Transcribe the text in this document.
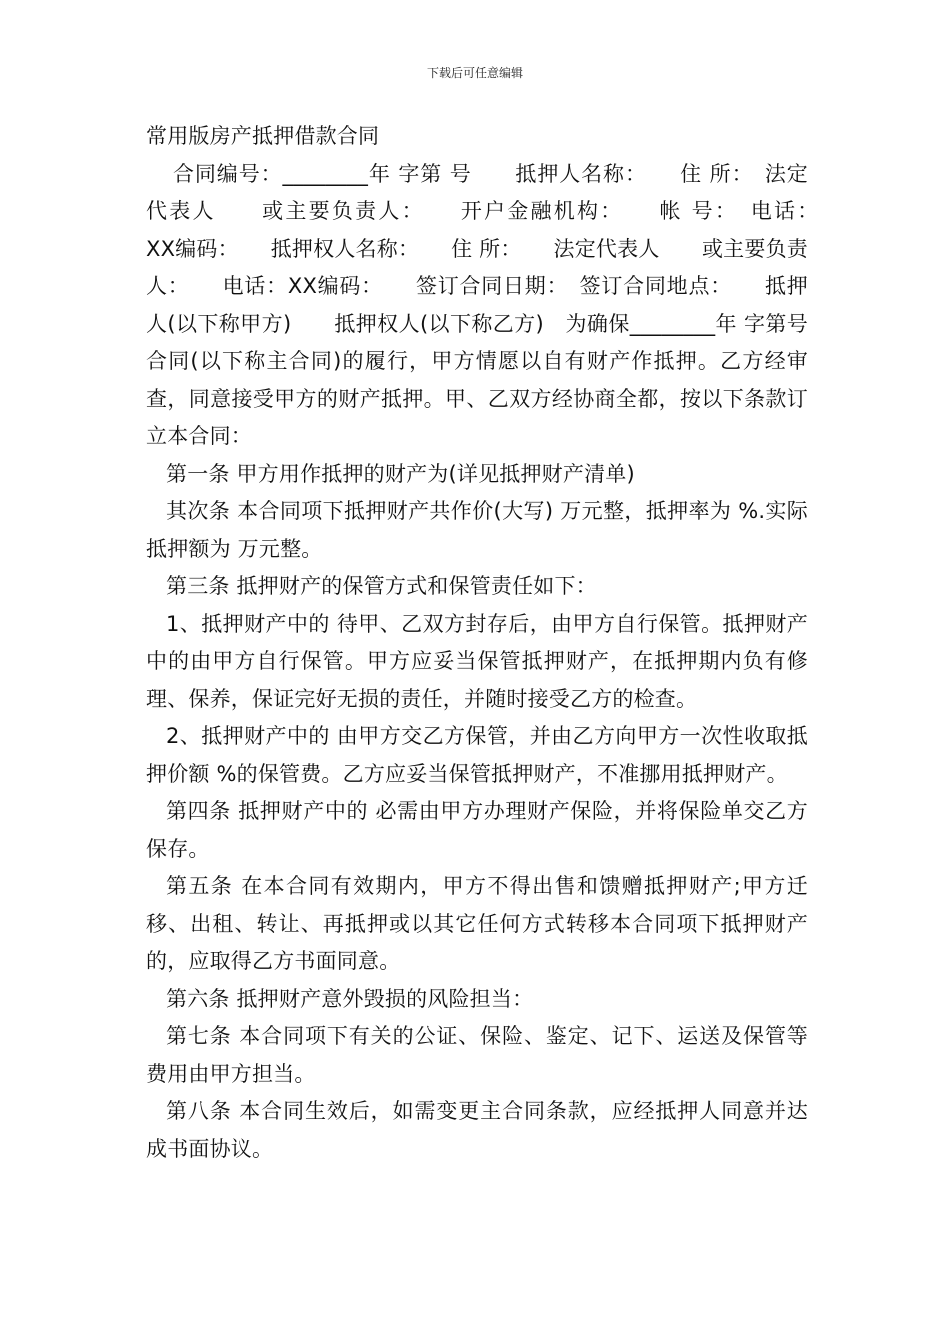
下载后可任意编辑

常用版房产抵押借款合同

合同编号：________年 字第 号　　抵押人名称：　　住 所：　法定代表人　　或主要负责人：　　开户金融机构：　　帐 号：　电话：　　XX编码：　　抵押权人名称：　　住 所：　　法定代表人　　或主要负责人：　　电话：XX编码：　　签订合同日期：　签订合同地点：　　抵押人(以下称甲方)　　抵押权人(以下称乙方)　为确保________年 字第号合同(以下称主合同)的履行，甲方情愿以自有财产作抵押。乙方经审查，同意接受甲方的财产抵押。甲、乙双方经协商全都，按以下条款订立本合同：

第一条 甲方用作抵押的财产为(详见抵押财产清单)

其次条 本合同项下抵押财产共作价(大写) 万元整，抵押率为 %.实际抵押额为 万元整。

第三条 抵押财产的保管方式和保管责任如下：

1、抵押财产中的 待甲、乙双方封存后，由甲方自行保管。抵押财产中的由甲方自行保管。甲方应妥当保管抵押财产，在抵押期内负有修理、保养，保证完好无损的责任，并随时接受乙方的检查。

2、抵押财产中的 由甲方交乙方保管，并由乙方向甲方一次性收取抵押价额 %的保管费。乙方应妥当保管抵押财产，不准挪用抵押财产。

第四条 抵押财产中的 必需由甲方办理财产保险，并将保险单交乙方保存。

第五条 在本合同有效期内，甲方不得出售和馈赠抵押财产;甲方迁移、出租、转让、再抵押或以其它任何方式转移本合同项下抵押财产的，应取得乙方书面同意。

第六条 抵押财产意外毁损的风险担当：

第七条 本合同项下有关的公证、保险、鉴定、记下、运送及保管等费用由甲方担当。

第八条 本合同生效后，如需变更主合同条款，应经抵押人同意并达成书面协议。
